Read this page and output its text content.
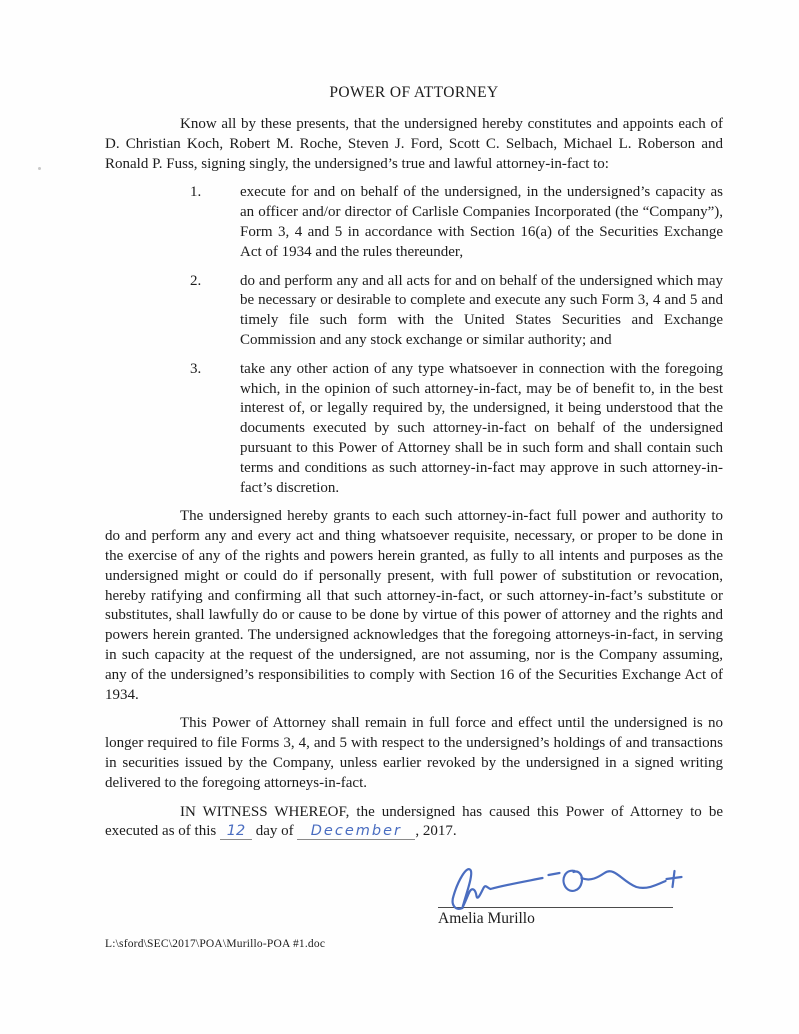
POWER OF ATTORNEY

Know all by these presents, that the undersigned hereby constitutes and appoints each of D. Christian Koch, Robert M. Roche, Steven J. Ford, Scott C. Selbach, Michael L. Roberson and Ronald P. Fuss, signing singly, the undersigned’s true and lawful attorney-in-fact to:

1.	execute for and on behalf of the undersigned, in the undersigned’s capacity as an officer and/or director of Carlisle Companies Incorporated (the “Company”), Form 3, 4 and 5 in accordance with Section 16(a) of the Securities Exchange Act of 1934 and the rules thereunder,
2.	do and perform any and all acts for and on behalf of the undersigned which may be necessary or desirable to complete and execute any such Form 3, 4 and 5 and timely file such form with the United States Securities and Exchange Commission and any stock exchange or similar authority; and
3.	take any other action of any type whatsoever in connection with the foregoing which, in the opinion of such attorney-in-fact, may be of benefit to, in the best interest of, or legally required by, the undersigned, it being understood that the documents executed by such attorney-in-fact on behalf of the undersigned pursuant to this Power of Attorney shall be in such form and shall contain such terms and conditions as such attorney-in-fact may approve in such attorney-in-fact’s discretion.

The undersigned hereby grants to each such attorney-in-fact full power and authority to do and perform any and every act and thing whatsoever requisite, necessary, or proper to be done in the exercise of any of the rights and powers herein granted, as fully to all intents and purposes as the undersigned might or could do if personally present, with full power of substitution or revocation, hereby ratifying and confirming all that such attorney-in-fact, or such attorney-in-fact’s substitute or substitutes, shall lawfully do or cause to be done by virtue of this power of attorney and the rights and powers herein granted. The undersigned acknowledges that the foregoing attorneys-in-fact, in serving in such capacity at the request of the undersigned, are not assuming, nor is the Company assuming, any of the undersigned’s responsibilities to comply with Section 16 of the Securities Exchange Act of 1934.

This Power of Attorney shall remain in full force and effect until the undersigned is no longer required to file Forms 3, 4, and 5 with respect to the undersigned’s holdings of and transactions in securities issued by the Company, unless earlier revoked by the undersigned in a signed writing delivered to the foregoing attorneys-in-fact.

IN WITNESS WHEREOF, the undersigned has caused this Power of Attorney to be executed as of this 12 day of December , 2017.

Amelia Murillo
L:\sford\SEC\2017\POA\Murillo-POA #1.doc
